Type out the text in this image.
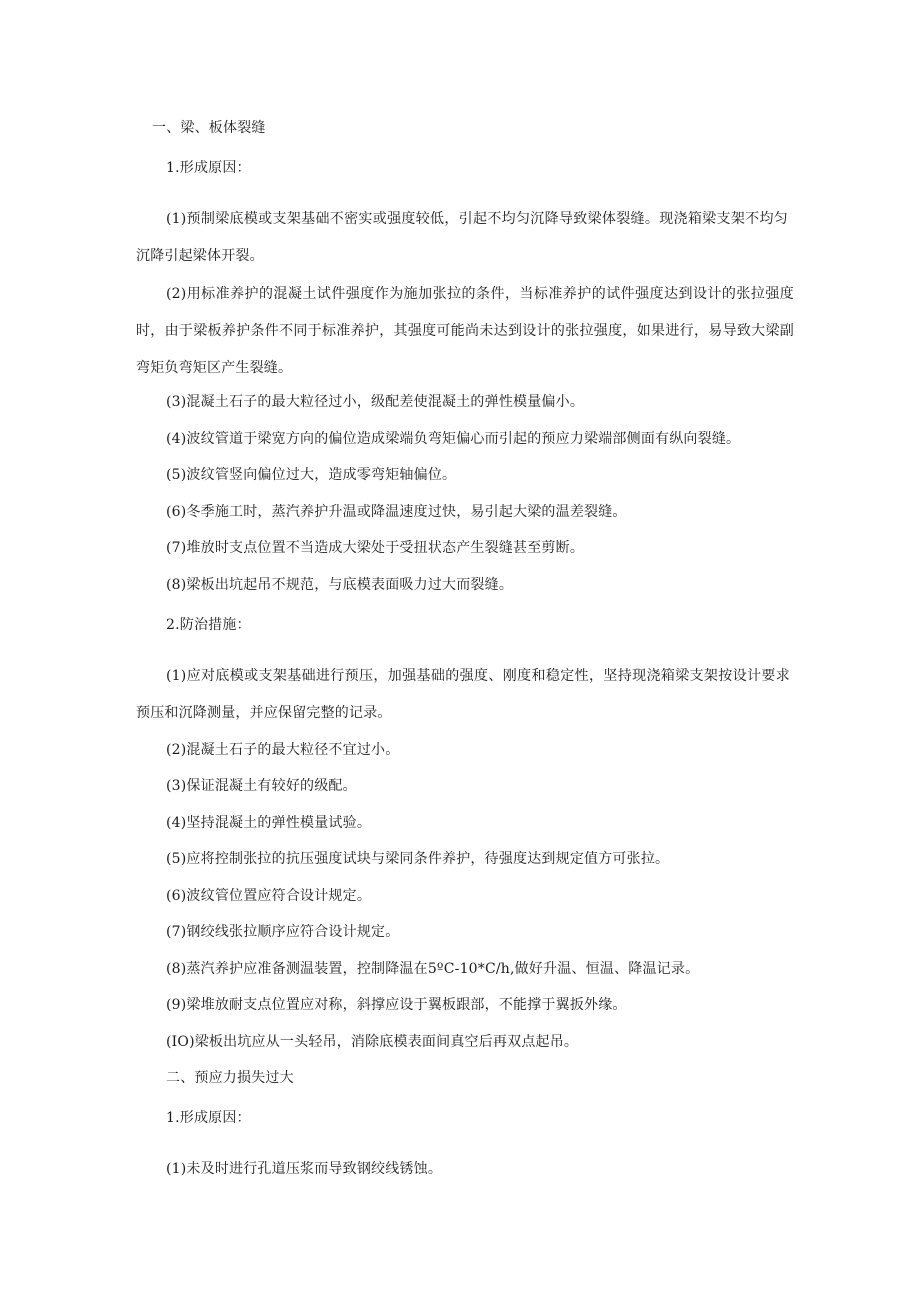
一、梁、板体裂缝
1.形成原因：
(1)预制梁底模或支架基础不密实或强度较低，引起不均匀沉降导致梁体裂缝。现浇箱梁支架不均匀沉降引起梁体开裂。
(2)用标准养护的混凝土试件强度作为施加张拉的条件，当标准养护的试件强度达到设计的张拉强度时，由于梁板养护条件不同于标准养护，其强度可能尚未达到设计的张拉强度，如果进行，易导致大梁副弯矩负弯矩区产生裂缝。
(3)混凝土石子的最大粒径过小，级配差使混凝土的弹性模量偏小。
(4)波纹管道于梁宽方向的偏位造成梁端负弯矩偏心而引起的预应力梁端部侧面有纵向裂缝。
(5)波纹管竖向偏位过大，造成零弯矩轴偏位。
(6)冬季施工时，蒸汽养护升温或降温速度过快，易引起大梁的温差裂缝。
(7)堆放时支点位置不当造成大梁处于受扭状态产生裂缝甚至剪断。
(8)梁板出坑起吊不规范，与底模表面吸力过大而裂缝。
2.防治措施：
(1)应对底模或支架基础进行预压，加强基础的强度、刚度和稳定性，坚持现浇箱梁支架按设计要求预压和沉降测量，并应保留完整的记录。
(2)混凝土石子的最大粒径不宜过小。
(3)保证混凝土有较好的级配。
(4)坚持混凝土的弹性模量试验。
(5)应将控制张拉的抗压强度试块与梁同条件养护，待强度达到规定值方可张拉。
(6)波纹管位置应符合设计规定。
(7)钢绞线张拉顺序应符合设计规定。
(8)蒸汽养护应准备测温装置，控制降温在5ºC-10*C/h,做好升温、恒温、降温记录。
(9)梁堆放耐支点位置应对称，斜撑应设于翼板跟部，不能撑于翼扳外缘。
(IO)梁板出坑应从一头轻吊，消除底模表面间真空后再双点起吊。
二、预应力损失过大
1.形成原因：
(1)未及时进行孔道压浆而导致钢绞线锈蚀。
